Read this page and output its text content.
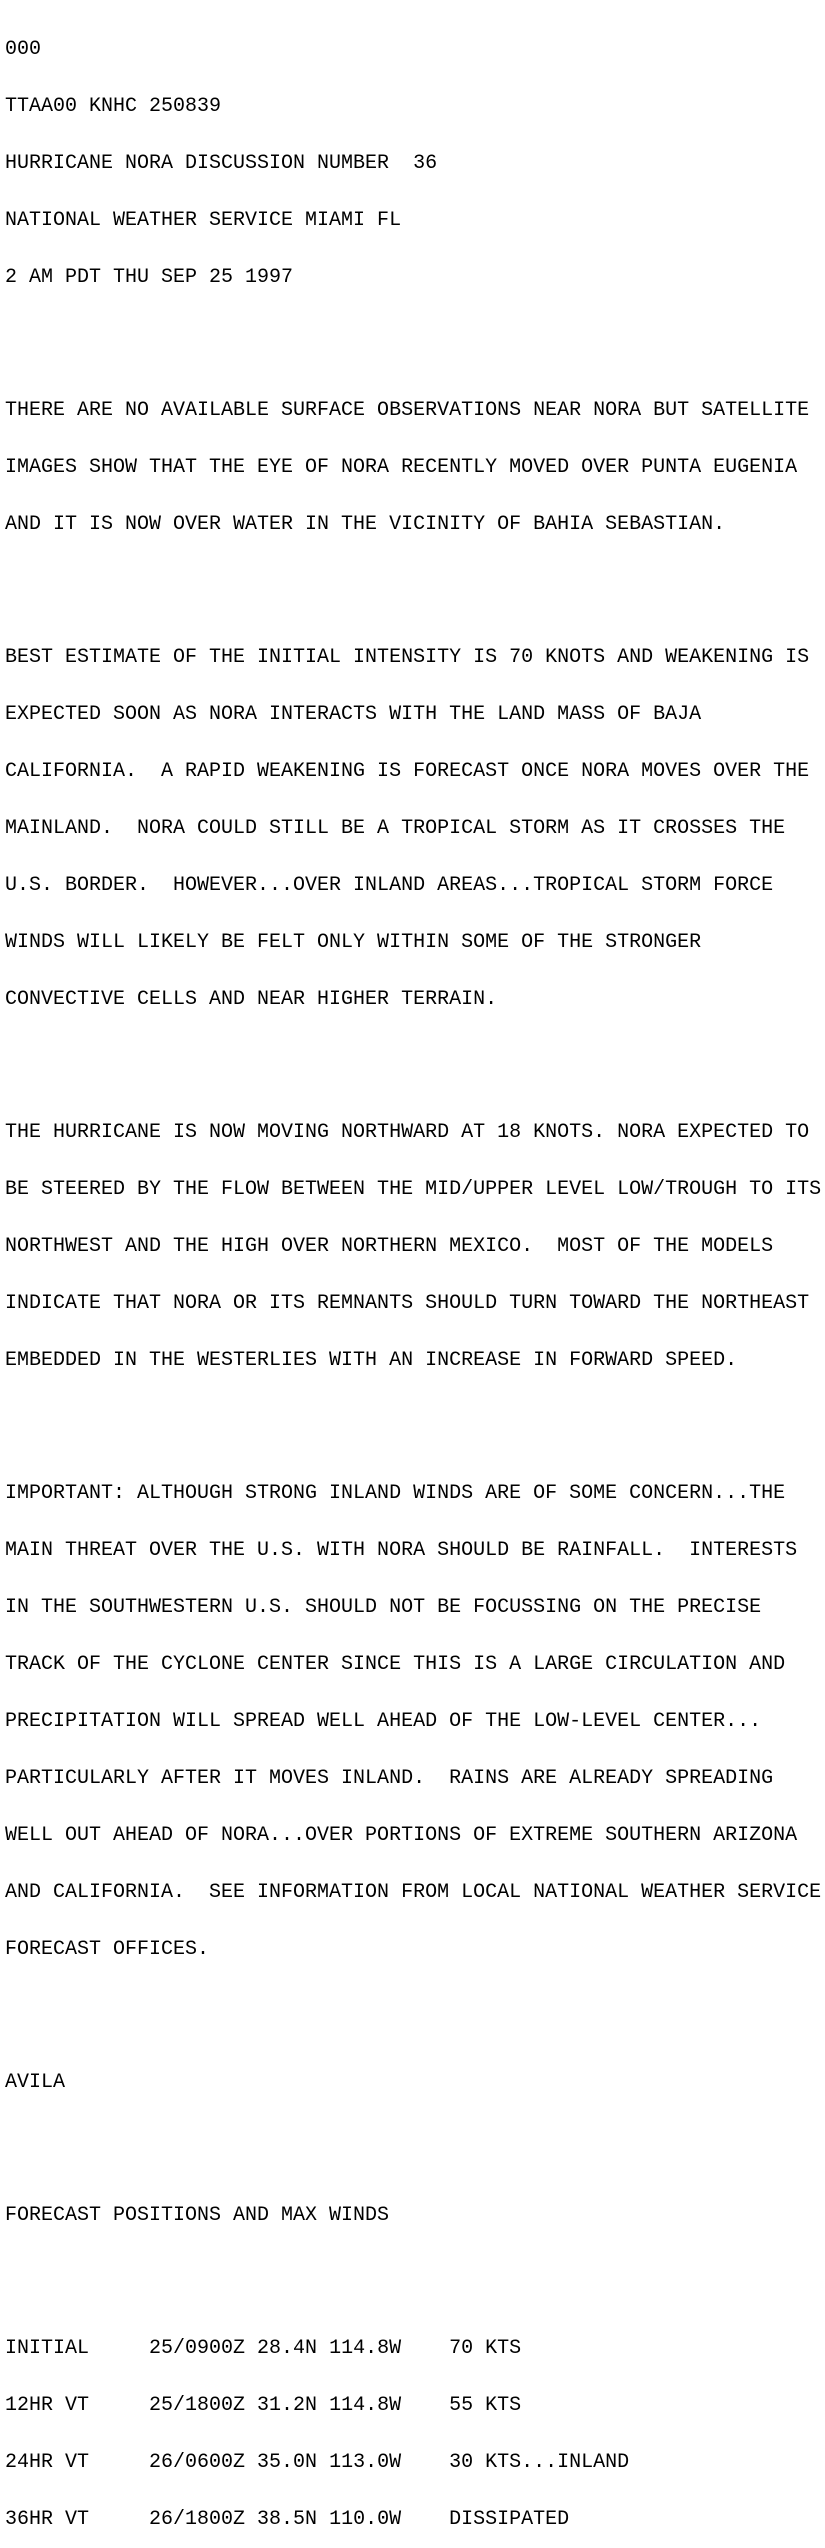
000

TTAA00 KNHC 250839

HURRICANE NORA DISCUSSION NUMBER  36

NATIONAL WEATHER SERVICE MIAMI FL

2 AM PDT THU SEP 25 1997

THERE ARE NO AVAILABLE SURFACE OBSERVATIONS NEAR NORA BUT SATELLITE

IMAGES SHOW THAT THE EYE OF NORA RECENTLY MOVED OVER PUNTA EUGENIA

AND IT IS NOW OVER WATER IN THE VICINITY OF BAHIA SEBASTIAN.

BEST ESTIMATE OF THE INITIAL INTENSITY IS 70 KNOTS AND WEAKENING IS

EXPECTED SOON AS NORA INTERACTS WITH THE LAND MASS OF BAJA

CALIFORNIA.  A RAPID WEAKENING IS FORECAST ONCE NORA MOVES OVER THE

MAINLAND.  NORA COULD STILL BE A TROPICAL STORM AS IT CROSSES THE

U.S. BORDER.  HOWEVER...OVER INLAND AREAS...TROPICAL STORM FORCE

WINDS WILL LIKELY BE FELT ONLY WITHIN SOME OF THE STRONGER

CONVECTIVE CELLS AND NEAR HIGHER TERRAIN.

THE HURRICANE IS NOW MOVING NORTHWARD AT 18 KNOTS. NORA EXPECTED TO

BE STEERED BY THE FLOW BETWEEN THE MID/UPPER LEVEL LOW/TROUGH TO ITS

NORTHWEST AND THE HIGH OVER NORTHERN MEXICO.  MOST OF THE MODELS

INDICATE THAT NORA OR ITS REMNANTS SHOULD TURN TOWARD THE NORTHEAST

EMBEDDED IN THE WESTERLIES WITH AN INCREASE IN FORWARD SPEED.

IMPORTANT: ALTHOUGH STRONG INLAND WINDS ARE OF SOME CONCERN...THE

MAIN THREAT OVER THE U.S. WITH NORA SHOULD BE RAINFALL.  INTERESTS

IN THE SOUTHWESTERN U.S. SHOULD NOT BE FOCUSSING ON THE PRECISE

TRACK OF THE CYCLONE CENTER SINCE THIS IS A LARGE CIRCULATION AND

PRECIPITATION WILL SPREAD WELL AHEAD OF THE LOW-LEVEL CENTER...

PARTICULARLY AFTER IT MOVES INLAND.  RAINS ARE ALREADY SPREADING

WELL OUT AHEAD OF NORA...OVER PORTIONS OF EXTREME SOUTHERN ARIZONA

AND CALIFORNIA.  SEE INFORMATION FROM LOCAL NATIONAL WEATHER SERVICE

FORECAST OFFICES.

AVILA

FORECAST POSITIONS AND MAX WINDS

INITIAL	25/0900Z 28.4N 114.8W 70 KTS

12HR VT	25/1800Z 31.2N 114.8W 55 KTS

24HR VT	26/0600Z 35.0N 113.0W 30 KTS...INLAND

36HR VT	26/1800Z 38.5N 110.0W DISSIPATED
